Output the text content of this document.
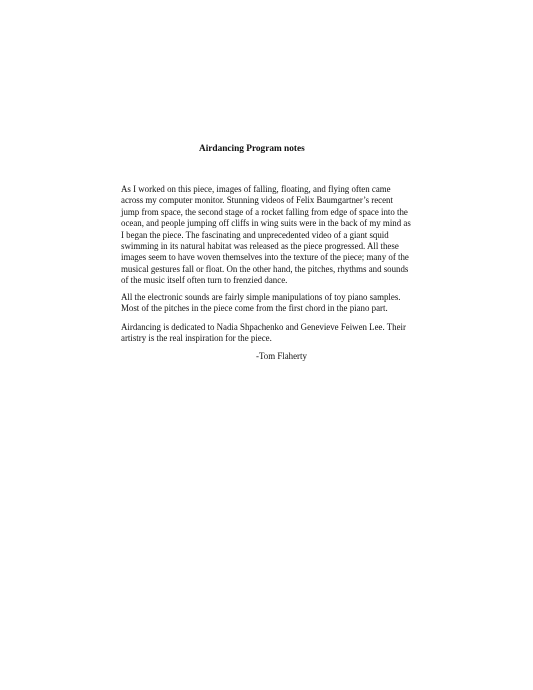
Airdancing Program notes

As I worked on this piece, images of falling, floating, and flying often came
across my computer monitor. Stunning videos of Felix Baumgartner’s recent
jump from space, the second stage of a rocket falling from edge of space into the
ocean, and people jumping off cliffs in wing suits were in the back of my mind as
I began the piece. The fascinating and unprecedented video of a giant squid
swimming in its natural habitat was released as the piece progressed. All these
images seem to have woven themselves into the texture of the piece; many of the
musical gestures fall or float. On the other hand, the pitches, rhythms and sounds
of the music itself often turn to frenzied dance.

All the electronic sounds are fairly simple manipulations of toy piano samples.
Most of the pitches in the piece come from the first chord in the piano part.

Airdancing is dedicated to Nadia Shpachenko and Genevieve Feiwen Lee. Their
artistry is the real inspiration for the piece.

-Tom Flaherty
